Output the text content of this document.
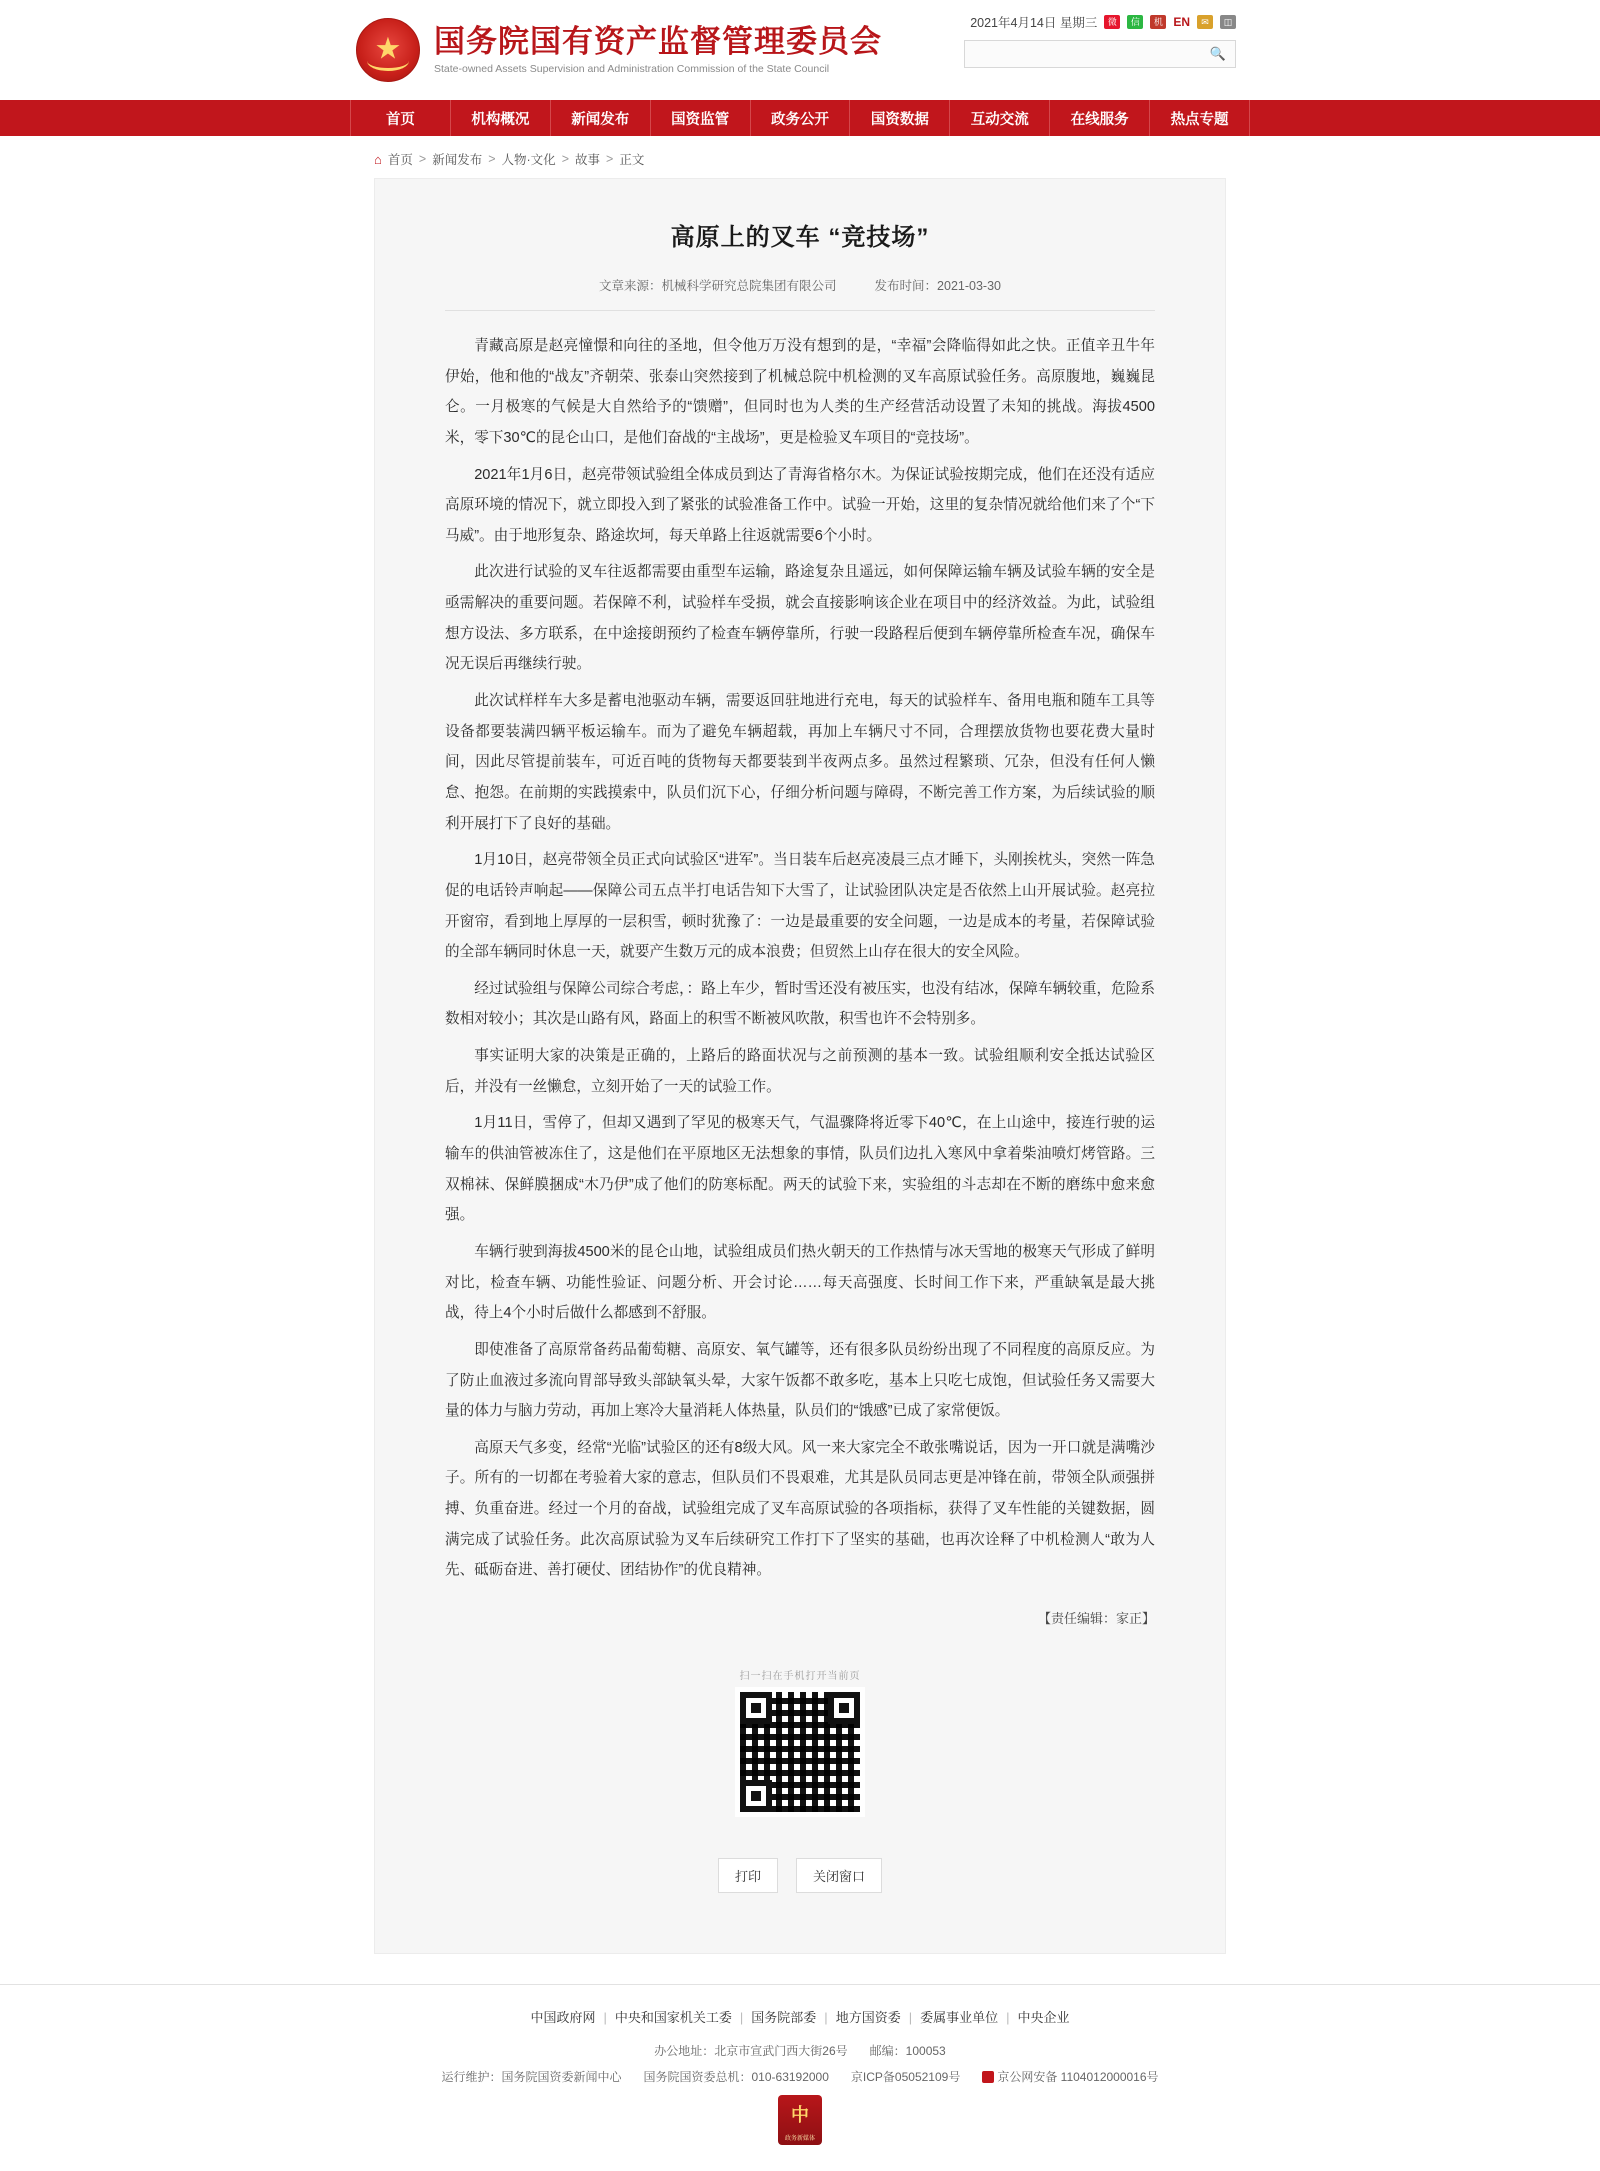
★
国务院国有资产监督管理委员会
State-owned Assets Supervision and Administration Commission of the State Council
2021年4月14日 星期三	微	信	机 EN	✉	◫
🔍
首页	机构概况	新闻发布	国资监管	政务公开	国资数据	互动交流	在线服务	热点专题
⌂ 首页 > 新闻发布 > 人物·文化 > 故事 > 正文
高原上的叉车 “竞技场”
文章来源：机械科学研究总院集团有限公司	发布时间：2021-03-30

青藏高原是赵亮憧憬和向往的圣地，但令他万万没有想到的是，“幸福”会降临得如此之快。正值辛丑牛年伊始，他和他的“战友”齐朝荣、张泰山突然接到了机械总院中机检测的叉车高原试验任务。高原腹地，巍巍昆仑。一月极寒的气候是大自然给予的“馈赠”，但同时也为人类的生产经营活动设置了未知的挑战。海拔4500米，零下30℃的昆仑山口，是他们奋战的“主战场”，更是检验叉车项目的“竞技场”。

2021年1月6日，赵亮带领试验组全体成员到达了青海省格尔木。为保证试验按期完成，他们在还没有适应高原环境的情况下，就立即投入到了紧张的试验准备工作中。试验一开始，这里的复杂情况就给他们来了个“下马威”。由于地形复杂、路途坎坷，每天单路上往返就需要6个小时。

此次进行试验的叉车往返都需要由重型车运输，路途复杂且遥远，如何保障运输车辆及试验车辆的安全是亟需解决的重要问题。若保障不利，试验样车受损，就会直接影响该企业在项目中的经济效益。为此，试验组想方设法、多方联系，在中途接朗预约了检查车辆停靠所，行驶一段路程后便到车辆停靠所检查车况，确保车况无误后再继续行驶。

此次试样样车大多是蓄电池驱动车辆，需要返回驻地进行充电，每天的试验样车、备用电瓶和随车工具等设备都要装满四辆平板运输车。而为了避免车辆超载，再加上车辆尺寸不同，合理摆放货物也要花费大量时间，因此尽管提前装车，可近百吨的货物每天都要装到半夜两点多。虽然过程繁琐、冗杂，但没有任何人懒怠、抱怨。在前期的实践摸索中，队员们沉下心，仔细分析问题与障碍，不断完善工作方案，为后续试验的顺利开展打下了良好的基础。

1月10日，赵亮带领全员正式向试验区“进军”。当日装车后赵亮凌晨三点才睡下，头刚挨枕头，突然一阵急促的电话铃声响起——保障公司五点半打电话告知下大雪了，让试验团队决定是否依然上山开展试验。赵亮拉开窗帘，看到地上厚厚的一层积雪，顿时犹豫了：一边是最重要的安全问题，一边是成本的考量，若保障试验的全部车辆同时休息一天，就要产生数万元的成本浪费；但贸然上山存在很大的安全风险。

经过试验组与保障公司综合考虑，：路上车少，暂时雪还没有被压实，也没有结冰，保障车辆较重，危险系数相对较小；其次是山路有风，路面上的积雪不断被风吹散，积雪也许不会特别多。

事实证明大家的决策是正确的，上路后的路面状况与之前预测的基本一致。试验组顺利安全抵达试验区后，并没有一丝懒怠，立刻开始了一天的试验工作。

1月11日，雪停了，但却又遇到了罕见的极寒天气，气温骤降将近零下40℃，在上山途中，接连行驶的运输车的供油管被冻住了，这是他们在平原地区无法想象的事情，队员们边扎入寒风中拿着柴油喷灯烤管路。三双棉袜、保鲜膜捆成“木乃伊”成了他们的防寒标配。两天的试验下来，实验组的斗志却在不断的磨练中愈来愈强。

车辆行驶到海拔4500米的昆仑山地，试验组成员们热火朝天的工作热情与冰天雪地的极寒天气形成了鲜明对比，检查车辆、功能性验证、问题分析、开会讨论……每天高强度、长时间工作下来，严重缺氧是最大挑战，待上4个小时后做什么都感到不舒服。

即使准备了高原常备药品葡萄糖、高原安、氧气罐等，还有很多队员纷纷出现了不同程度的高原反应。为了防止血液过多流向胃部导致头部缺氧头晕，大家午饭都不敢多吃，基本上只吃七成饱，但试验任务又需要大量的体力与脑力劳动，再加上寒冷大量消耗人体热量，队员们的“饿感”已成了家常便饭。

高原天气多变，经常“光临”试验区的还有8级大风。风一来大家完全不敢张嘴说话，因为一开口就是满嘴沙子。所有的一切都在考验着大家的意志，但队员们不畏艰难，尤其是队员同志更是冲锋在前，带领全队顽强拼搏、负重奋进。经过一个月的奋战，试验组完成了叉车高原试验的各项指标，获得了叉车性能的关键数据，圆满完成了试验任务。此次高原试验为叉车后续研究工作打下了坚实的基础，也再次诠释了中机检测人“敢为人先、砥砺奋进、善打硬仗、团结协作”的优良精神。

【责任编辑：家正】
扫一扫在手机打开当前页
打印	关闭窗口
中国政府网 | 中央和国家机关工委 | 国务院部委 | 地方国资委 | 委属事业单位 | 中央企业
办公地址：北京市宣武门西大街26号 邮编：100053
运行维护：国务院国资委新闻中心 国务院国资委总机：010-63192000 京ICP备05052109号	京公网安备 1104012000016号
中
政务新媒体
